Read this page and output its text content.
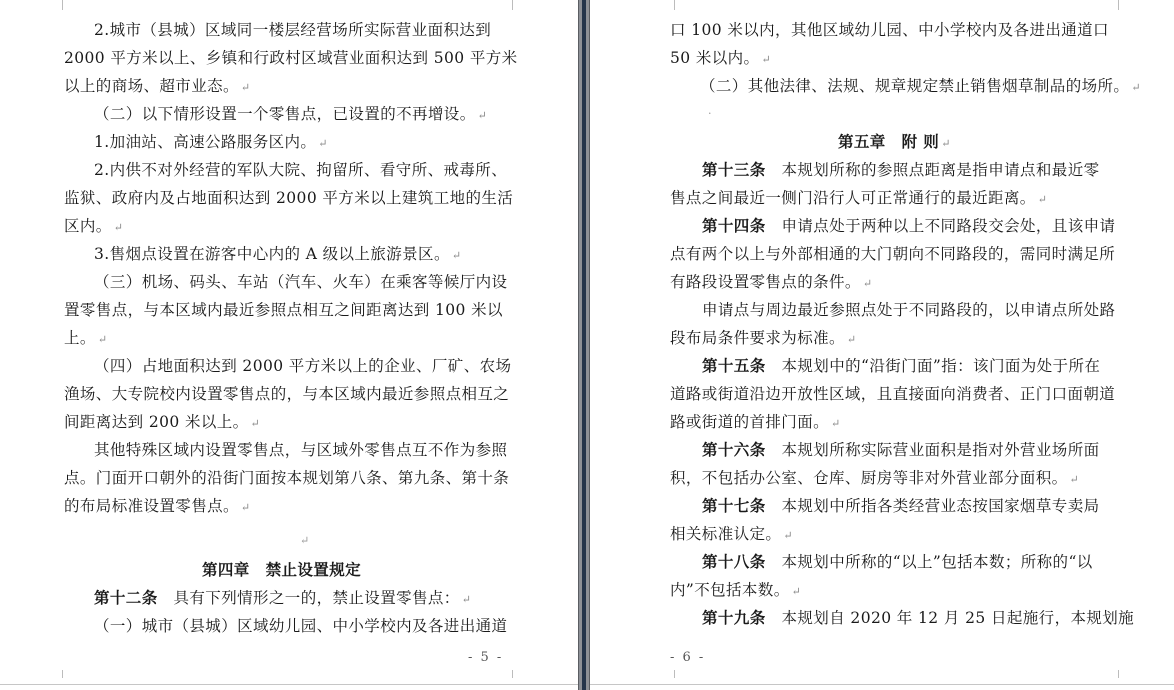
2.城市（县城）区域同一楼层经营场所实际营业面积达到
2000 平方米以上、乡镇和行政村区域营业面积达到 500 平方米
以上的商场、超市业态。 ↵
（二）以下情形设置一个零售点，已设置的不再增设。 ↵
1.加油站、高速公路服务区内。 ↵
2.内供不对外经营的军队大院、拘留所、看守所、戒毒所、
监狱、政府内及占地面积达到 2000 平方米以上建筑工地的生活
区内。 ↵
3.售烟点设置在游客中心内的 A 级以上旅游景区。 ↵
（三）机场、码头、车站（汽车、火车）在乘客等候厅内设
置零售点，与本区域内最近参照点相互之间距离达到 100 米以
上。 ↵
（四）占地面积达到 2000 平方米以上的企业、厂矿、农场
渔场、大专院校内设置零售点的，与本区域内最近参照点相互之
间距离达到 200 米以上。 ↵
其他特殊区域内设置零售点，与区域外零售点互不作为参照
点。门面开口朝外的沿街门面按本规划第八条、第九条、第十条
的布局标准设置零售点。 ↵
↵
第四章　禁止设置规定
第十二条　具有下列情形之一的，禁止设置零售点： ↵
（一）城市（县城）区域幼儿园、中小学校内及各进出通道
- 5 -
口 100 米以内，其他区域幼儿园、中小学校内及各进出通道口
50 米以内。 ↵
（二）其他法律、法规、规章规定禁止销售烟草制品的场所。 ↵
.
第五章　附 则 ↵
第十三条　本规划所称的参照点距离是指申请点和最近零
售点之间最近一侧门沿行人可正常通行的最近距离。 ↵
第十四条　申请点处于两种以上不同路段交会处，且该申请
点有两个以上与外部相通的大门朝向不同路段的，需同时满足所
有路段设置零售点的条件。 ↵
申请点与周边最近参照点处于不同路段的，以申请点所处路
段布局条件要求为标准。 ↵
第十五条　本规划中的“沿街门面”指：该门面为处于所在
道路或街道沿边开放性区域，且直接面向消费者、正门口面朝道
路或街道的首排门面。 ↵
第十六条　本规划所称实际营业面积是指对外营业场所面
积，不包括办公室、仓库、厨房等非对外营业部分面积。 ↵
第十七条　本规划中所指各类经营业态按国家烟草专卖局
相关标准认定。 ↵
第十八条　本规划中所称的“以上”包括本数；所称的“以
内”不包括本数。 ↵
第十九条　本规划自 2020 年 12 月 25 日起施行，本规划施
- 6 -
